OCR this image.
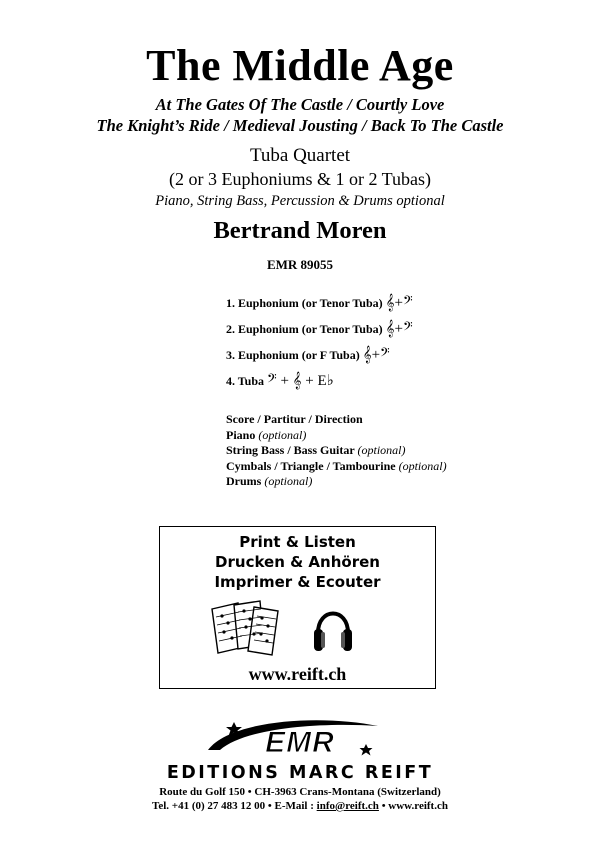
The Middle Age
At The Gates Of The Castle / Courtly Love
The Knight’s Ride / Medieval Jousting / Back To The Castle
Tuba Quartet
(2 or 3 Euphoniums & 1 or 2 Tubas)
Piano, String Bass, Percussion & Drums optional
Bertrand Moren
EMR 89055
1. Euphonium (or Tenor Tuba) 𝄞+𝄢
2. Euphonium (or Tenor Tuba) 𝄞+𝄢
3. Euphonium (or F Tuba) 𝄞+𝄢
4. Tuba 𝄢 + 𝄞 + E♭
Score / Partitur / Direction
Piano (optional)
String Bass / Bass Guitar (optional)
Cymbals / Triangle / Tambourine (optional)
Drums (optional)
Print & Listen
Drucken & Anhören
Imprimer & Ecouter
www.reift.ch
EMR
EDITIONS MARC REIFT
Route du Golf 150 • CH-3963 Crans-Montana (Switzerland)
Tel. +41 (0) 27 483 12 00 • E-Mail : info@reift.ch • www.reift.ch
